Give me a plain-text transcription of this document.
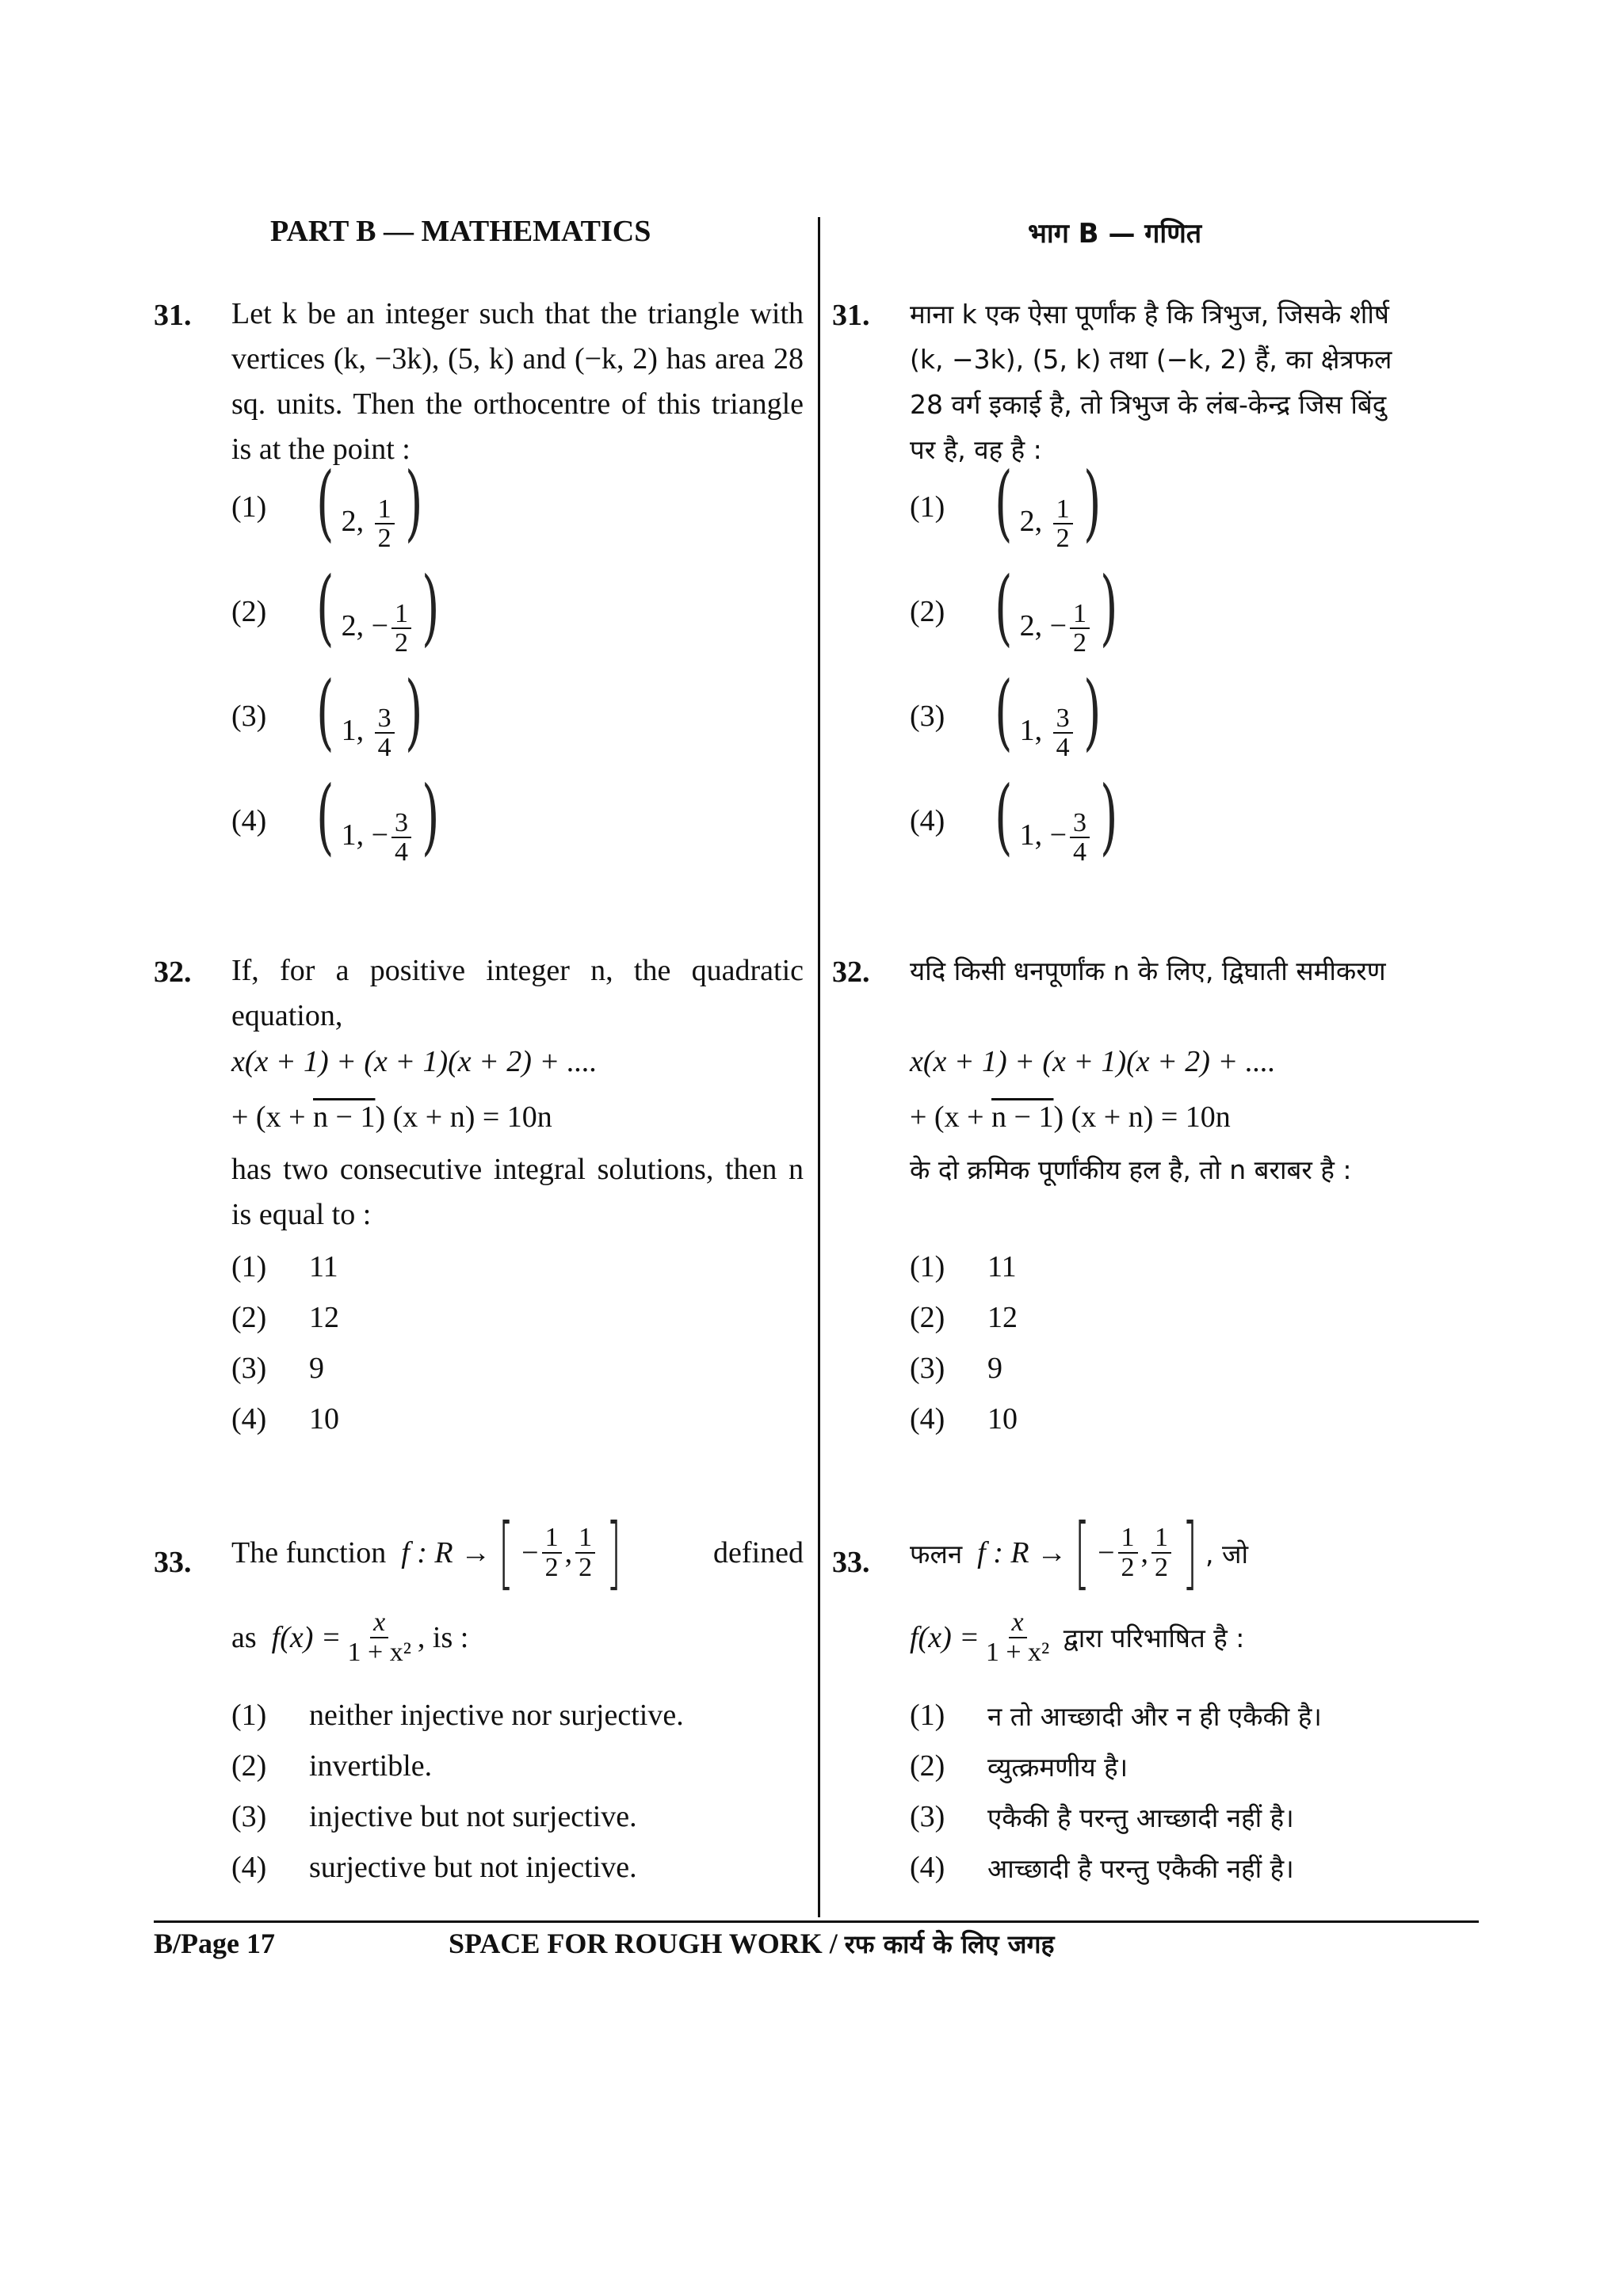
PART B — MATHEMATICS
31. Let k be an integer such that the triangle with vertices (k, −3k), (5, k) and (−k, 2) has area 28 sq. units. Then the orthocentre of this triangle is at the point :
(1) ( 2, $\frac{1}{2}$ )
(2) ( 2, − $\frac{1}{2}$ )
(3) ( 1, $\frac{3}{4}$ )
(4) ( 1, − $\frac{3}{4}$ )
32. If, for a positive integer n, the quadratic equation,
x(x + 1) + (x + 1)(x + 2) + ....
+ (x + n − 1) (x + n) = 10n
has two consecutive integral solutions, then n is equal to :
(1)	11
(2)	12
(3)	9
(4)	10
33. The function
f : R → [ − $\frac{1}{2}$ , $\frac{1}{2}$ ]	defined
as
$f(x) = \frac{x}{\text{1 + x²}}$ , is :
(1)	neither injective nor surjective.
(2)	invertible.
(3)	injective but not surjective.
(4)	surjective but not injective.
भाग B — गणित
31. माना k एक ऐसा पूर्णांक है कि त्रिभुज, जिसके शीर्ष
(k, −3k), (5, k) तथा (−k, 2) हैं, का क्षेत्रफल
28 वर्ग इकाई है, तो त्रिभुज के लंब-केन्द्र जिस बिंदु
पर है, वह है :
(1) ( 2, $\frac{1}{2}$ )
(2) ( 2, − $\frac{1}{2}$ )
(3) ( 1, $\frac{3}{4}$ )
(4) ( 1, − $\frac{3}{4}$ )
32. यदि किसी धनपूर्णांक n के लिए, द्विघाती समीकरण
x(x + 1) + (x + 1)(x + 2) + ....
+ (x + n − 1) (x + n) = 10n
के दो क्रमिक पूर्णांकीय हल है, तो n बराबर है :
(1)	11
(2)	12
(3)	9
(4)	10
33. फलन
f : R → [ − $\frac{1}{2}$ , $\frac{1}{2}$ ] , जो
$f(x) = \frac{x}{\text{1 + x²}}$
द्वारा परिभाषित है :
(1)	न तो आच्छादी और न ही एकैकी है।
(2)	व्युत्क्रमणीय है।
(3)	एकैकी है परन्तु आच्छादी नहीं है।
(4)	आच्छादी है परन्तु एकैकी नहीं है।
B/Page 17	SPACE FOR ROUGH WORK / रफ कार्य के लिए जगह
